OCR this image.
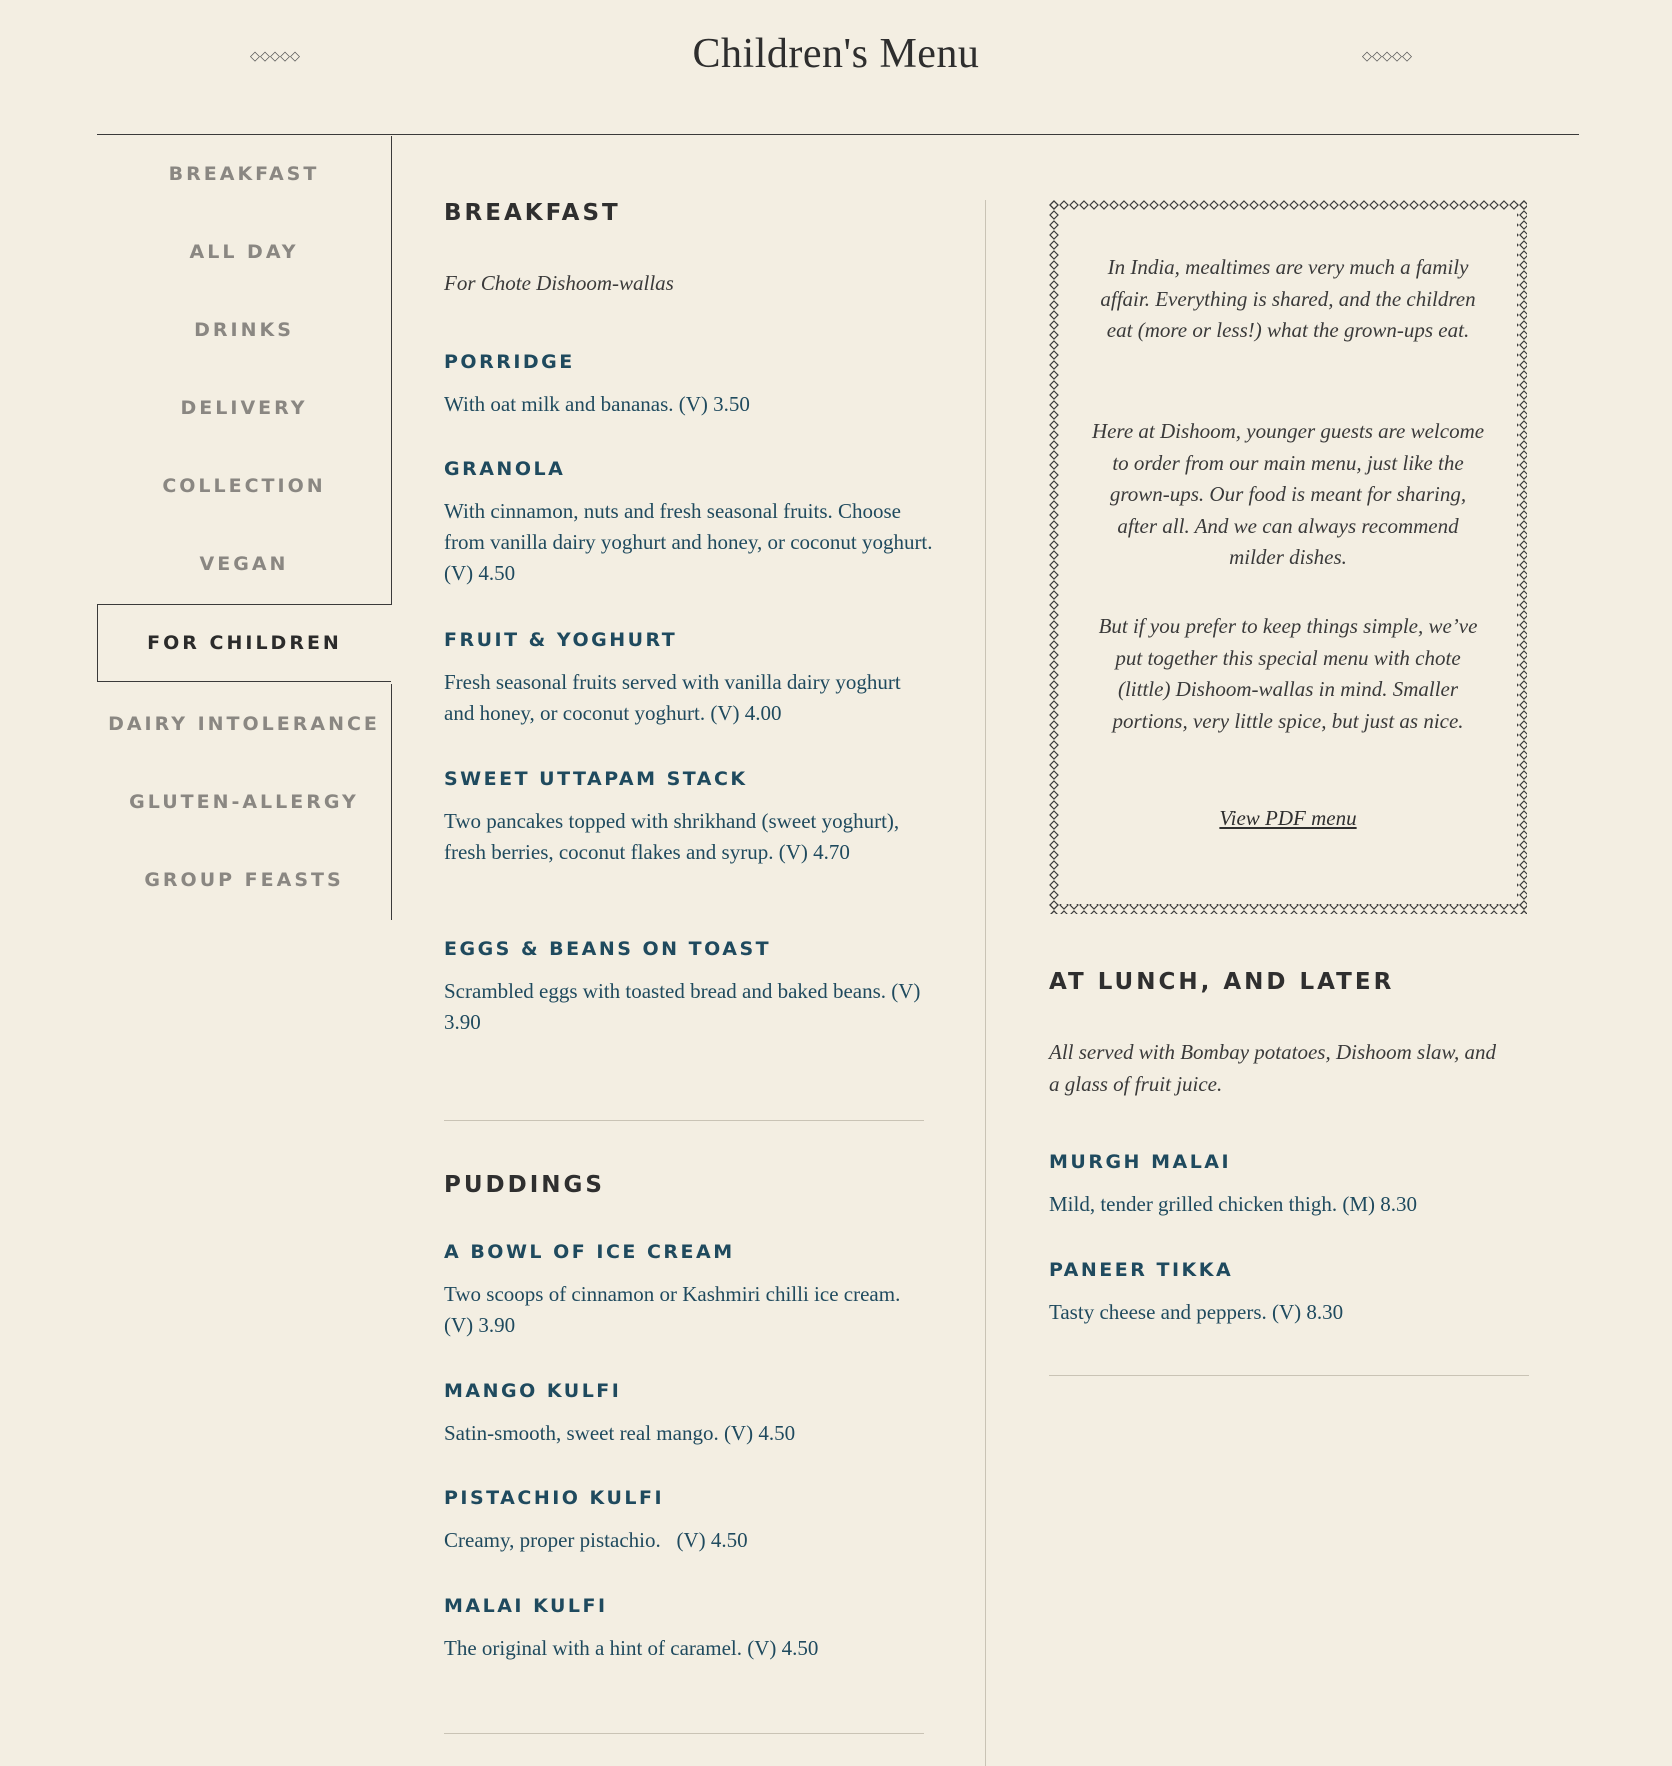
◇◇◇◇◇	Children's Menu	◇◇◇◇◇
BREAKFAST
ALL DAY
DRINKS
DELIVERY
COLLECTION
VEGAN
FOR CHILDREN
DAIRY INTOLERANCE
GLUTEN-ALLERGY
GROUP FEASTS
BREAKFAST
For Chote Dishoom-wallas
PORRIDGE
With oat milk and bananas. (V) 3.50
GRANOLA
With cinnamon, nuts and fresh seasonal fruits. Choose from vanilla dairy yoghurt and honey, or coconut yoghurt. (V) 4.50
FRUIT & YOGHURT
Fresh seasonal fruits served with vanilla dairy yoghurt and honey, or coconut yoghurt. (V) 4.00
SWEET UTTAPAM STACK
Two pancakes topped with shrikhand (sweet yoghurt), fresh berries, coconut flakes and syrup. (V) 4.70
EGGS & BEANS ON TOAST
Scrambled eggs with toasted bread and baked beans. (V) 3.90
PUDDINGS
A BOWL OF ICE CREAM
Two scoops of cinnamon or Kashmiri chilli ice cream. (V) 3.90
MANGO KULFI
Satin-smooth, sweet real mango. (V) 4.50
PISTACHIO KULFI
Creamy, proper pistachio.   (V) 4.50
MALAI KULFI
The original with a hint of caramel. (V) 4.50
In India, mealtimes are very much a family affair. Everything is shared, and the children eat (more or less!) what the grown-ups eat.
Here at Dishoom, younger guests are welcome to order from our main menu, just like the grown-ups. Our food is meant for sharing, after all. And we can always recommend milder dishes.
But if you prefer to keep things simple, we’ve put together this special menu with chote (little) Dishoom-wallas in mind. Smaller portions, very little spice, but just as nice.
View PDF menu
AT LUNCH, AND LATER
All served with Bombay potatoes, Dishoom slaw, and a glass of fruit juice.
MURGH MALAI
Mild, tender grilled chicken thigh. (M) 8.30
PANEER TIKKA
Tasty cheese and peppers. (V) 8.30
